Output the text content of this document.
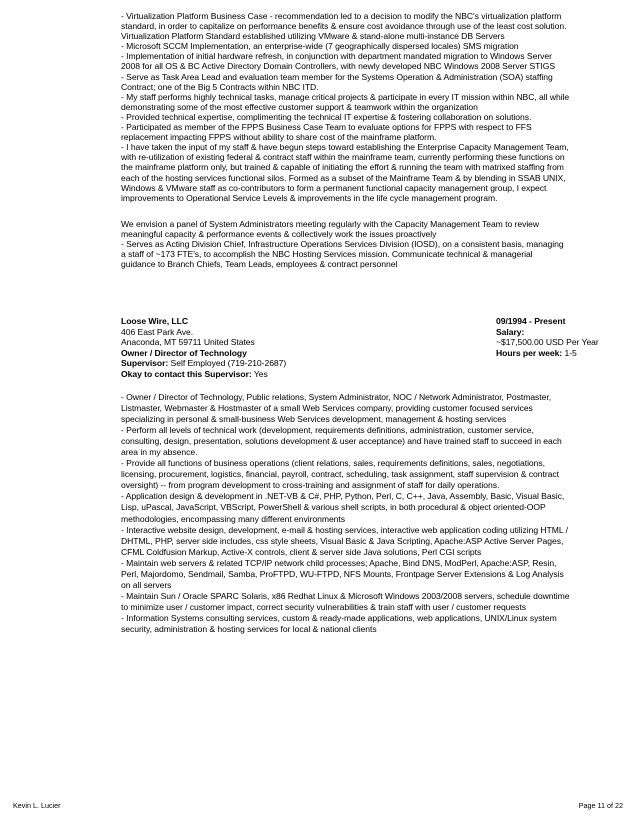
- Virtualization Platform Business Case - recommendation led to a decision to modify the NBC's virtualization platform
standard, in order to capitalize on performance benefits & ensure cost avoidance through use of the least cost solution.
Virtualization Platform Standard established utilizing VMware & stand-alone multi-instance DB Servers
- Microsoft SCCM Implementation, an enterprise-wide (7 geographically dispersed locales) SMS migration
- Implementation of initial hardware refresh, in conjunction with department mandated migration to Windows Server
2008 for all OS & BC Active Directory Domain Controllers, with newly developed NBC Windows 2008 Server STIGS
- Serve as Task Area Lead and evaluation team member for the Systems Operation & Administration (SOA) staffing
Contract; one of the Big 5 Contracts within NBC ITD.
- My staff performs highly technical tasks, manage critical projects & participate in every IT mission within NBC, all while
demonstrating some of the most effective customer support & teamwork within the organization
- Provided technical expertise, complimenting the technical IT expertise & fostering collaboration on solutions.
- Participated as member of the FPPS Business Case Team to evaluate options for FPPS with respect to FFS
replacement impacting FPPS without ability to share cost of the mainframe platform.
- I have taken the input of my staff & have begun steps toward establishing the Enterprise Capacity Management Team,
with re-utilization of existing federal & contract staff within the mainframe team, currently performing these functions on
the mainframe platform only, but trained & capable of initiating the effort & running the team with matrixed staffing from
each of the hosting services functional silos. Formed as a subset of the Mainframe Team & by blending in SSAB UNIX,
Windows & VMware staff as co-contributors to form a permanent functional capacity management group, I expect
improvements to Operational Service Levels & improvements in the life cycle management program.
We envision a panel of System Administrators meeting regularly with the Capacity Management Team to review
meaningful capacity & performance events & collectively work the issues proactively
- Serves as Acting Division Chief, Infrastructure Operations Services Division (IOSD), on a consistent basis, managing
a staff of ~173 FTE's, to accomplish the NBC Hosting Services mission. Communicate technical & managerial
guidance to Branch Chiefs, Team Leads, employees & contract personnel
Loose Wire, LLC	09/1994 - Present
406 East Park Ave.	Salary:
Anaconda, MT 59711 United States	~$17,500.00 USD Per Year
Hours per week: 1-5
Owner / Director of Technology
Supervisor: Self Employed (719-210-2687)
Okay to contact this Supervisor: Yes
- Owner / Director of Technology, Public relations, System Administrator, NOC / Network Administrator, Postmaster,
Listmaster, Webmaster & Hostmaster of a small Web Services company, providing customer focused services
specializing in personal & small-business Web Services development, management & hosting services
- Perform all levels of technical work (development, requirements definitions, administration, customer service,
consulting, design, presentation, solutions development & user acceptance) and have trained staff to succeed in each
area in my absence.
- Provide all functions of business operations (client relations, sales, requirements definitions, sales, negotiations,
licensing, procurement, logistics, financial, payroll, contract, scheduling, task assignment, staff supervision & contract
oversight) -- from program development to cross-training and assignment of staff for daily operations.
- Application design & development in .NET-VB & C#, PHP, Python, Perl, C, C++, Java, Assembly, Basic, Visual Basic,
Lisp, uPascal, JavaScript, VBScript, PowerShell & various shell scripts, in both procedural & object oriented-OOP
methodologies, encompassing many different environments
- Interactive website design, development, e-mail & hosting services, interactive web application coding utilizing HTML /
DHTML, PHP, server side includes, css style sheets, Visual Basic & Java Scripting, Apache:ASP Active Server Pages,
CFML Coldfusion Markup, Active-X controls, client & server side Java solutions, Perl CGI scripts
- Maintain web servers & related TCP/IP network child processes; Apache, Bind DNS, ModPerl, Apache:ASP, Resin,
Perl, Majordomo, Sendmail, Samba, ProFTPD, WU-FTPD, NFS Mounts, Frontpage Server Extensions & Log Analysis
on all servers
- Maintain Sun / Oracle SPARC Solaris, x86 Redhat Linux & Microsoft Windows 2003/2008 servers, schedule downtime
to minimize user / customer impact, correct security vulnerabilities & train staff with user / customer requests
- Information Systems consulting services, custom & ready-made applications, web applications, UNIX/Linux system
security, administration & hosting services for local & national clients
Kevin L. Lucier	Page 11 of 22
